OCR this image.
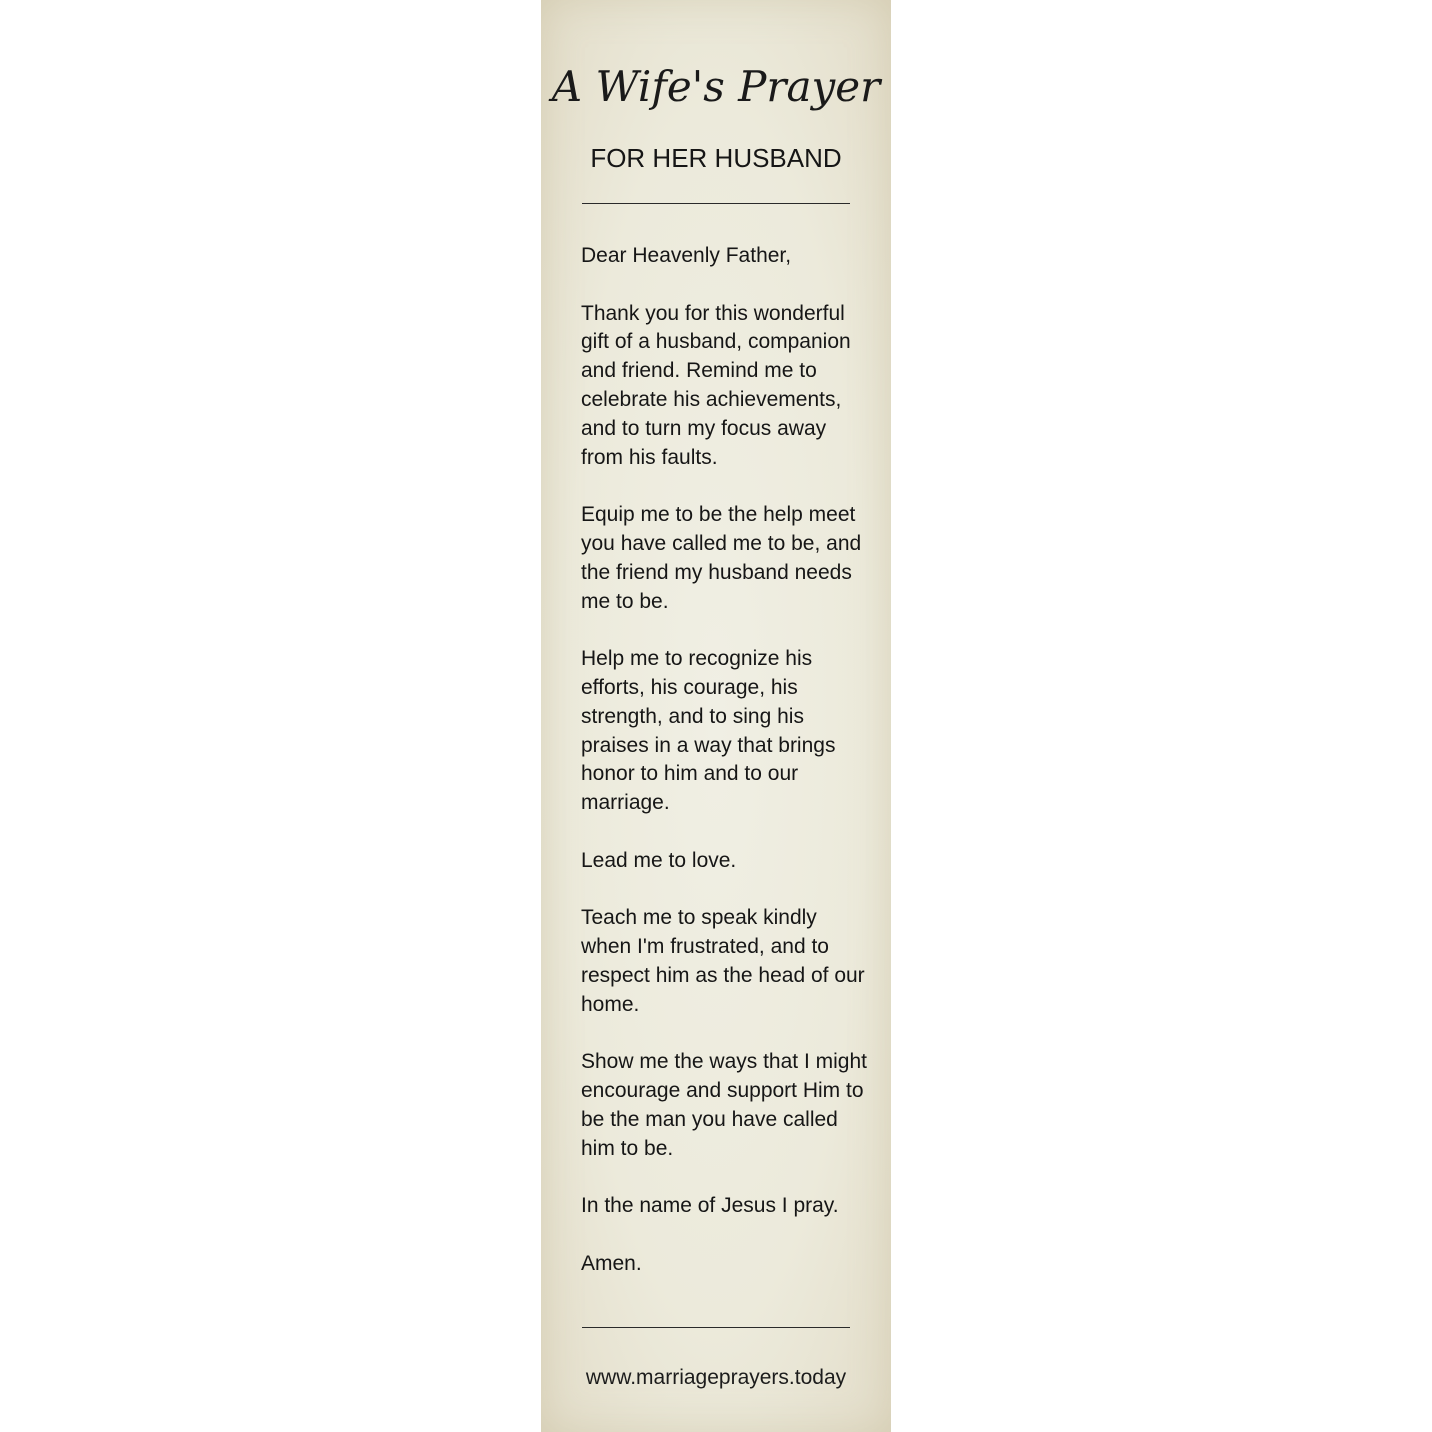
A Wife's Prayer
FOR HER HUSBAND

Dear Heavenly Father,

Thank you for this wonderful
gift of a husband, companion
and friend. Remind me to
celebrate his achievements,
and to turn my focus away
from his faults.

Equip me to be the help meet
you have called me to be, and
the friend my husband needs
me to be.

Help me to recognize his
efforts, his courage, his
strength, and to sing his
praises in a way that brings
honor to him and to our
marriage.

Lead me to love.

Teach me to speak kindly
when I'm frustrated, and to
respect him as the head of our
home.

Show me the ways that I might
encourage and support Him to
be the man you have called
him to be.

In the name of Jesus I pray.

Amen.

www.marriageprayers.today
